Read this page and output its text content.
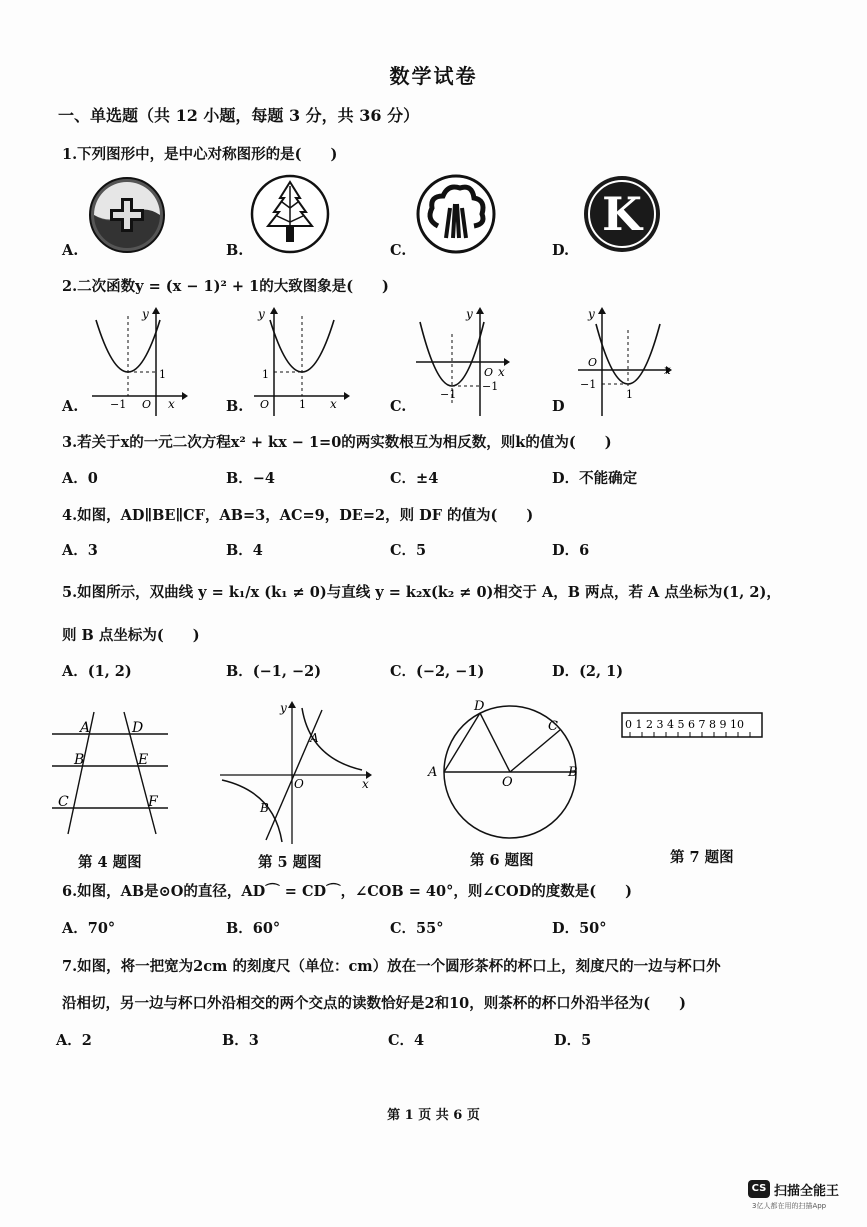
数学试卷
一、单选题（共 12 小题，每题 3 分，共 36 分）
1.下列图形中，是中心对称图形的是(　　)
A.	B.	C.	D.
K
2.二次函数y = (x − 1)² + 1的大致图象是(　　)
A.	B.	C.	D
y
x
1
−1 O
y
x
1
1
O
y
x
−1
−1
O
y
x
−1
1
O
3.若关于x的一元二次方程x² + kx − 1=0的两实数根互为相反数，则k的值为(　　)
A．0	B．−4	C．±4	D．不能确定
4.如图，AD∥BE∥CF，AB=3，AC=9，DE=2，则 DF 的值为(　　)
A．3	B．4	C．5	D．6
5.如图所示，双曲线 y = k₁/x (k₁ ≠ 0)与直线 y = k₂x(k₂ ≠ 0)相交于 A，B 两点，若 A 点坐标为(1, 2)，
则 B 点坐标为(　　)
A．(1, 2)	B．(−1, −2)	C．(−2, −1)	D．(2, 1)
A	D
B	E
C	F
y
x
O
A
B
D
C
A
O
B
0 1 2 3 4 5 6 7 8 9 10
第 4 题图	第 5 题图	第 6 题图	第 7 题图
6.如图，AB是⊙O的直径，AD⌒ = CD⌒，∠COB = 40°，则∠COD的度数是(　　)
A．70°	B．60°	C．55°	D．50°
7.如图，将一把宽为2cm 的刻度尺（单位：cm）放在一个圆形茶杯的杯口上，刻度尺的一边与杯口外
沿相切，另一边与杯口外沿相交的两个交点的读数恰好是2和10，则茶杯的杯口外沿半径为(　　)
A．2	B．3	C．4	D．5
第 1 页 共 6 页
CS 扫描全能王
3亿人都在用的扫描App
